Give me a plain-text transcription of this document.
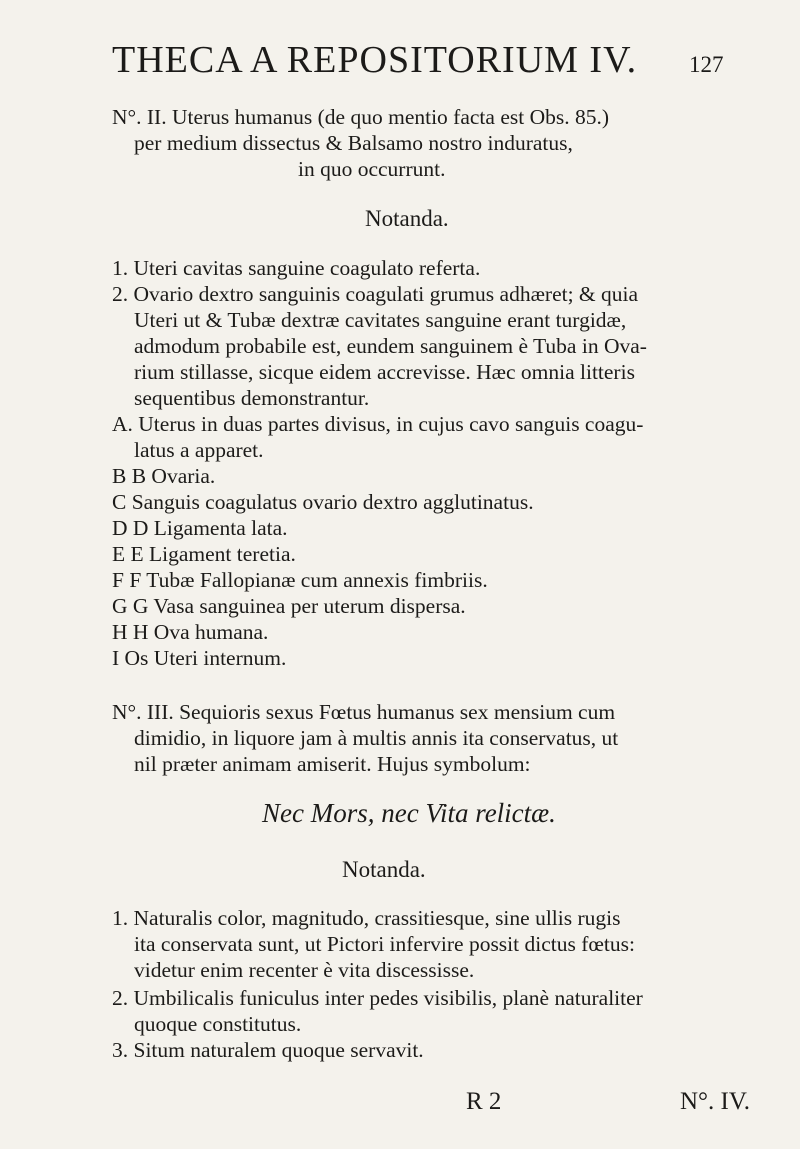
THECA A REPOSITORIUM IV. 127
N°. II. Uterus humanus (de quo mentio facta est Obs. 85.)
per medium dissectus & Balsamo nostro induratus,
in quo occurrunt.
Notanda.
1. Uteri cavitas sanguine coagulato referta.
2. Ovario dextro sanguinis coagulati grumus adhæret; & quia
Uteri ut & Tubæ dextræ cavitates sanguine erant turgidæ,
admodum probabile est, eundem sanguinem è Tuba in Ova-
rium stillasse, sicque eidem accrevisse. Hæc omnia litteris
sequentibus demonstrantur.
A. Uterus in duas partes divisus, in cujus cavo sanguis coagu-
latus a apparet.
B B Ovaria.
C Sanguis coagulatus ovario dextro agglutinatus.
D D Ligamenta lata.
E E Ligament teretia.
F F Tubæ Fallopianæ cum annexis fimbriis.
G G Vasa sanguinea per uterum dispersa.
H H Ova humana.
I Os Uteri internum.
N°. III. Sequioris sexus Fœtus humanus sex mensium cum
dimidio, in liquore jam à multis annis ita conservatus, ut
nil præter animam amiserit. Hujus symbolum:
Nec Mors, nec Vita relictæ.
Notanda.
1. Naturalis color, magnitudo, crassitiesque, sine ullis rugis
ita conservata sunt, ut Pictori infervire possit dictus fœtus:
videtur enim recenter è vita discessisse.
2. Umbilicalis funiculus inter pedes visibilis, planè naturaliter
quoque constitutus.
3. Situm naturalem quoque servavit.
R 2	N°. IV.
